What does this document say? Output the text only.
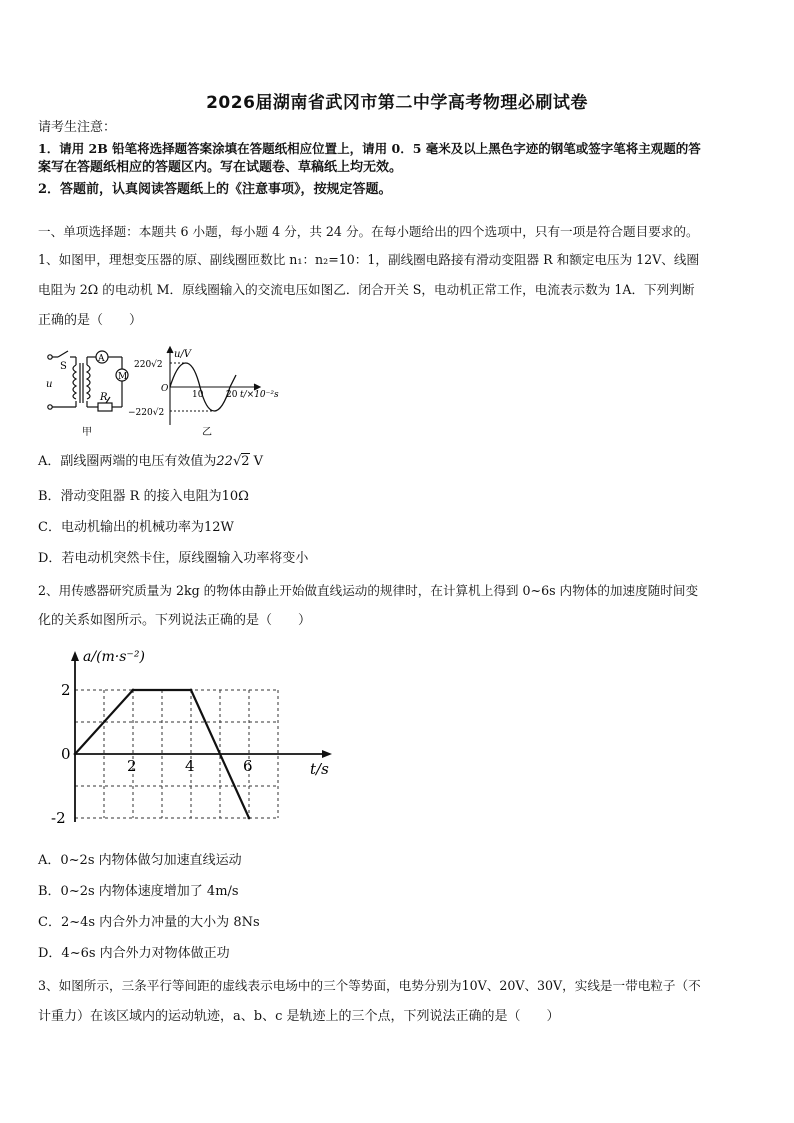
2026届湖南省武冈市第二中学高考物理必刷试卷
请考生注意：
1．请用 2B 铅笔将选择题答案涂填在答题纸相应位置上，请用 0．5 毫米及以上黑色字迹的钢笔或签字笔将主观题的答
案写在答题纸相应的答题区内。写在试题卷、草稿纸上均无效。
2．答题前，认真阅读答题纸上的《注意事项》，按规定答题。
一、单项选择题：本题共 6 小题，每小题 4 分，共 24 分。在每小题给出的四个选项中，只有一项是符合题目要求的。
1、如图甲，理想变压器的原、副线圈匝数比 n₁：n₂=10：1，副线圈电路接有滑动变阻器 R 和额定电压为 12V、线圈
电阻为 2Ω 的电动机 M．原线圈输入的交流电压如图乙．闭合开关 S，电动机正常工作，电流表示数为 1A．下列判断
正确的是（　　）
S
A
M
R
u
甲
u/V
220√2
−220√2
O
10	20 t/×10⁻²s
乙
A．副线圈两端的电压有效值为22√2 V
B．滑动变阻器 R 的接入电阻为10Ω
C．电动机输出的机械功率为12W
D．若电动机突然卡住，原线圈输入功率将变小
2、用传感器研究质量为 2kg 的物体由静止开始做直线运动的规律时，在计算机上得到 0~6s 内物体的加速度随时间变
化的关系如图所示。下列说法正确的是（　　）
2	4	6
2
0
-2
t/s
a/(m·s⁻²)
A．0~2s 内物体做匀加速直线运动
B．0~2s 内物体速度增加了 4m/s
C．2~4s 内合外力冲量的大小为 8Ns
D．4~6s 内合外力对物体做正功
3、如图所示，三条平行等间距的虚线表示电场中的三个等势面，电势分别为10V、20V、30V，实线是一带电粒子（不
计重力）在该区域内的运动轨迹，a、b、c 是轨迹上的三个点，下列说法正确的是（　　）
